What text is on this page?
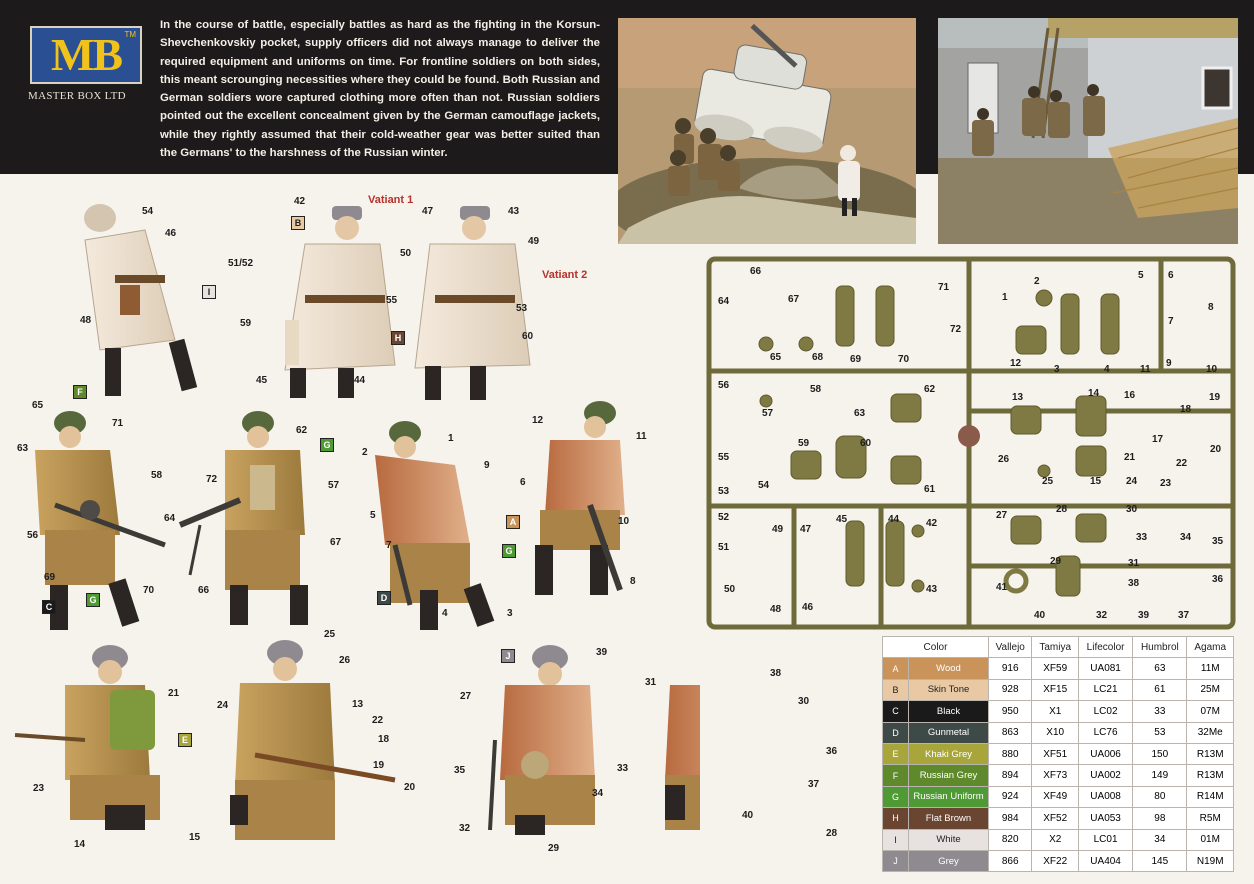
MB TM
MASTER BOX LTD
In the course of battle, especially battles as hard as the fighting in the Korsun-Shevchenkovskiy pocket, supply officers did not always manage to deliver the required equipment and uniforms on time. For frontline soldiers on both sides, this meant scrounging necessities where they could be found. Both Russian and German soldiers wore captured clothing more often than not. Russian soldiers pointed out the excellent concealment given by the German camouflage jackets, while they rightly assumed that their cold-weather gear was better suited than the Germans' to the harshness of the Russian winter.
Vatiant 1
Vatiant 2
54
46
48
42
51/52
59
45	44
50
47	43
49
55
53
60
65
71
63
58
56
69
70
62
57
72
64
66
67
2
1
9
5
7
4	3
12
11
6
10
8
25
26
13
22
18
19
20
24
21
23
14
15
39
27
35	33
34
32
29
31
38
30
36
37
40
28
I
B
H
F
G
G
G
C
A
D
E
J
66
67
71
72
64
65	68	69	70
56
57
58
63
62
59	60
55
53
54	61
52
51
49 47
45	44	42
50
48 46
43
2
1
5 6
8
7
12
3	4	11
9
10
13	14 16
18
19
17
20
21
22
26
25	15 24 23
27
28	30
33	34 35
29	31
38	36
41
40	32	39	37
Color		Vallejo	Tamiya	Lifecolor	Humbrol	Agama
A	Wood	916	XF59	UA081	63	11M
B	Skin Tone	928	XF15	LC21	61	25M
C	Black	950	X1	LC02	33	07M
D	Gunmetal	863	X10	LC76	53	32Me
E	Khaki Grey	880	XF51	UA006	150	R13M
F	Russian Grey	894	XF73	UA002	149	R13M
G	Russian Uniform	924	XF49	UA008	80	R14M
H	Flat Brown	984	XF52	UA053	98	R5M
I	White	820	X2	LC01	34	01M
J	Grey	866	XF22	UA404	145	N19M
